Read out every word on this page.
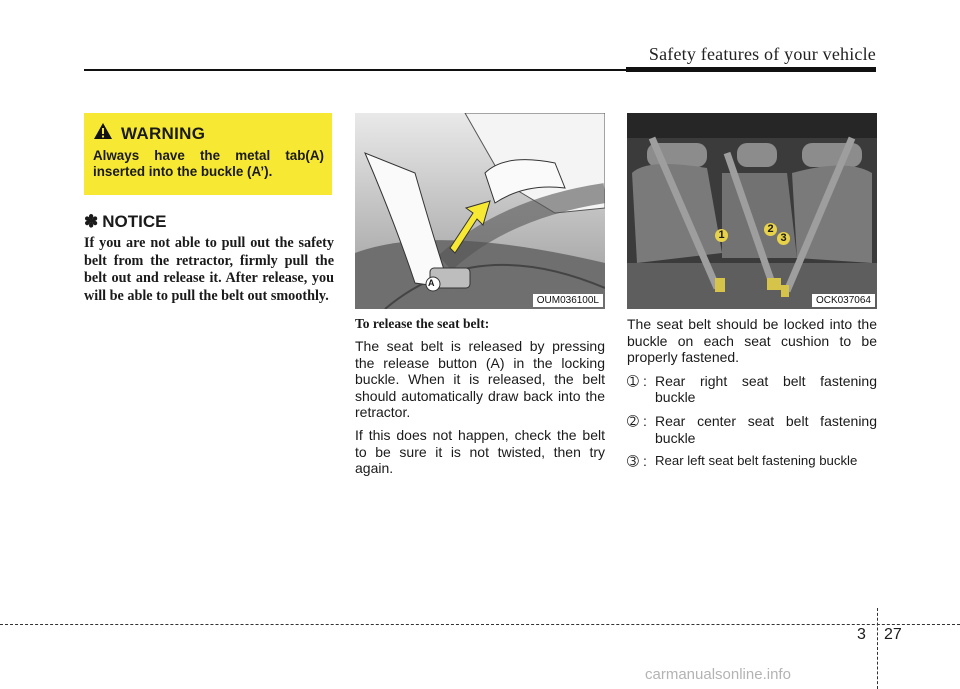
Safety features of your vehicle
WARNING
Always have the metal tab(A) inserted into the buckle (A’).
✽ NOTICE
If you are not able to pull out the safety belt from the retractor, firmly pull the belt out and release it. After release, you will be able to pull the belt out smoothly.
A
OUM036100L
1	2
3
OCK037064
To release the seat belt:

The seat belt is released by pressing the release button (A) in the locking buckle. When it is released, the belt should automatically draw back into the retractor.

If this does not happen, check the belt to be sure it is not twisted, then try again.

The seat belt should be locked into the buckle on each seat cushion to be properly fastened.

➀ : Rear right seat belt fastening buckle
➁ : Rear center seat belt fastening buckle
➂ : Rear left seat belt fastening buckle
3 27
carmanualsonline.info
